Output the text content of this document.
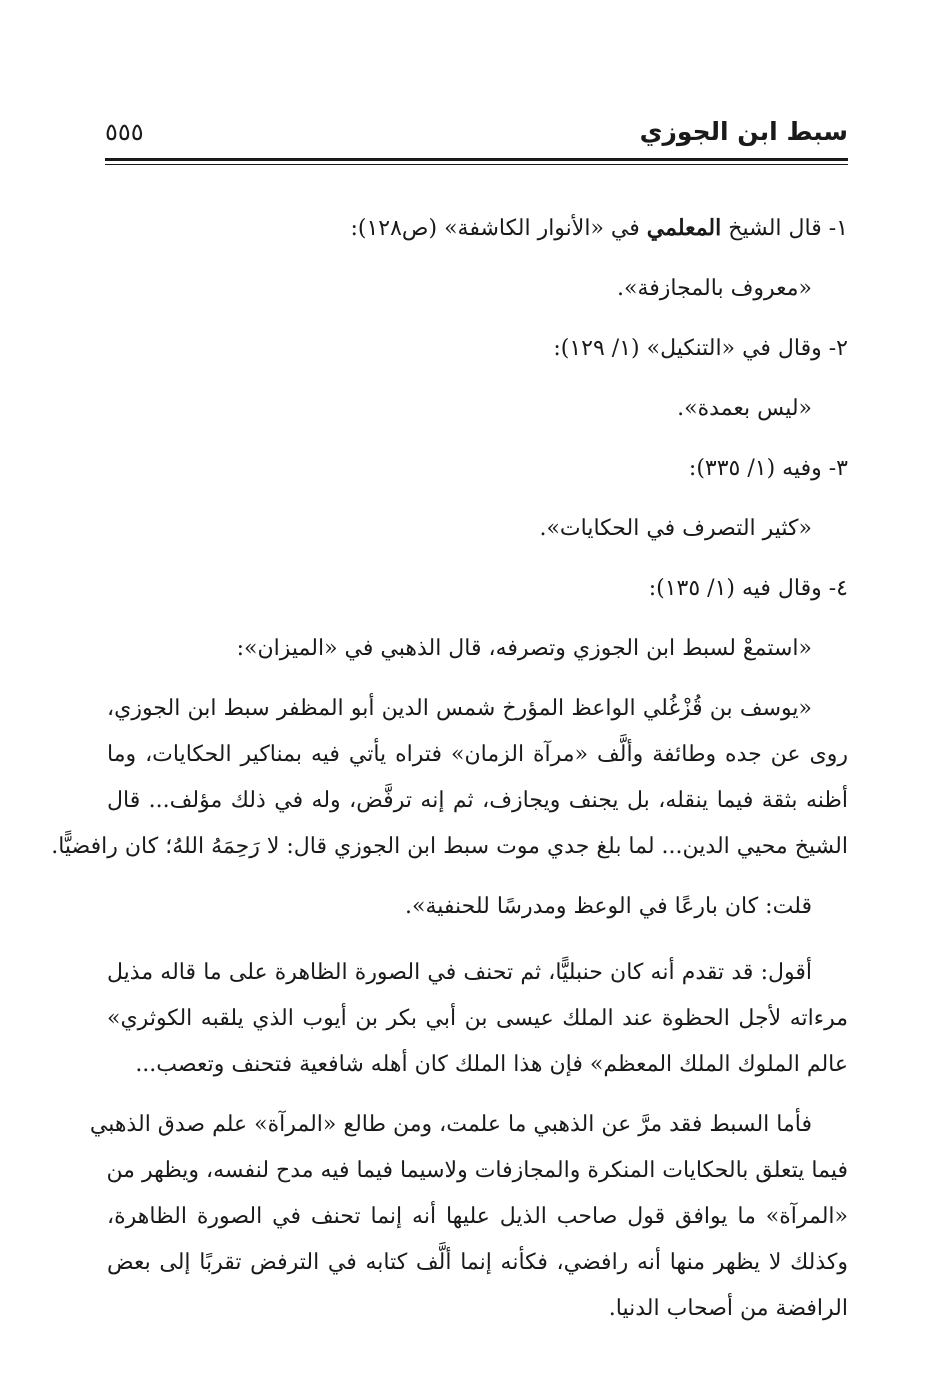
سبط ابن الجوزي
٥٥٥

١- قال الشيخ المعلمي في «الأنوار الكاشفة» (ص١٢٨):

«معروف بالمجازفة».

٢- وقال في «التنكيل» (١/ ١٢٩):

«ليس بعمدة».

٣- وفيه (١/ ٣٣٥):

«كثير التصرف في الحكايات».

٤- وقال فيه (١/ ١٣٥):

«استمعْ لسبط ابن الجوزي وتصرفه، قال الذهبي في «الميزان»:

«يوسف بن قُزْغُلي الواعظ المؤرخ شمس الدين أبو المظفر سبط ابن الجوزي،

روى عن جده وطائفة وألَّف «مرآة الزمان» فتراه يأتي فيه بمناكير الحكايات، وما

أظنه بثقة فيما ينقله، بل يجنف ويجازف، ثم إنه ترفَّض، وله في ذلك مؤلف... قال

الشيخ محيي الدين... لما بلغ جدي موت سبط ابن الجوزي قال: لا رَحِمَهُ اللهُ؛ كان رافضيًّا.

قلت: كان بارعًا في الوعظ ومدرسًا للحنفية».

أقول: قد تقدم أنه كان حنبليًّا، ثم تحنف في الصورة الظاهرة على ما قاله مذيل

مرءاته لأجل الحظوة عند الملك عيسى بن أبي بكر بن أيوب الذي يلقبه الكوثري»

عالم الملوك الملك المعظم» فإن هذا الملك كان أهله شافعية فتحنف وتعصب...

فأما السبط فقد مرَّ عن الذهبي ما علمت، ومن طالع «المرآة» علم صدق الذهبي

فيما يتعلق بالحكايات المنكرة والمجازفات ولاسيما فيما فيه مدح لنفسه، ويظهر من

«المرآة» ما يوافق قول صاحب الذيل عليها أنه إنما تحنف في الصورة الظاهرة،

وكذلك لا يظهر منها أنه رافضي، فكأنه إنما ألَّف كتابه في الترفض تقربًا إلى بعض

الرافضة من أصحاب الدنيا.
